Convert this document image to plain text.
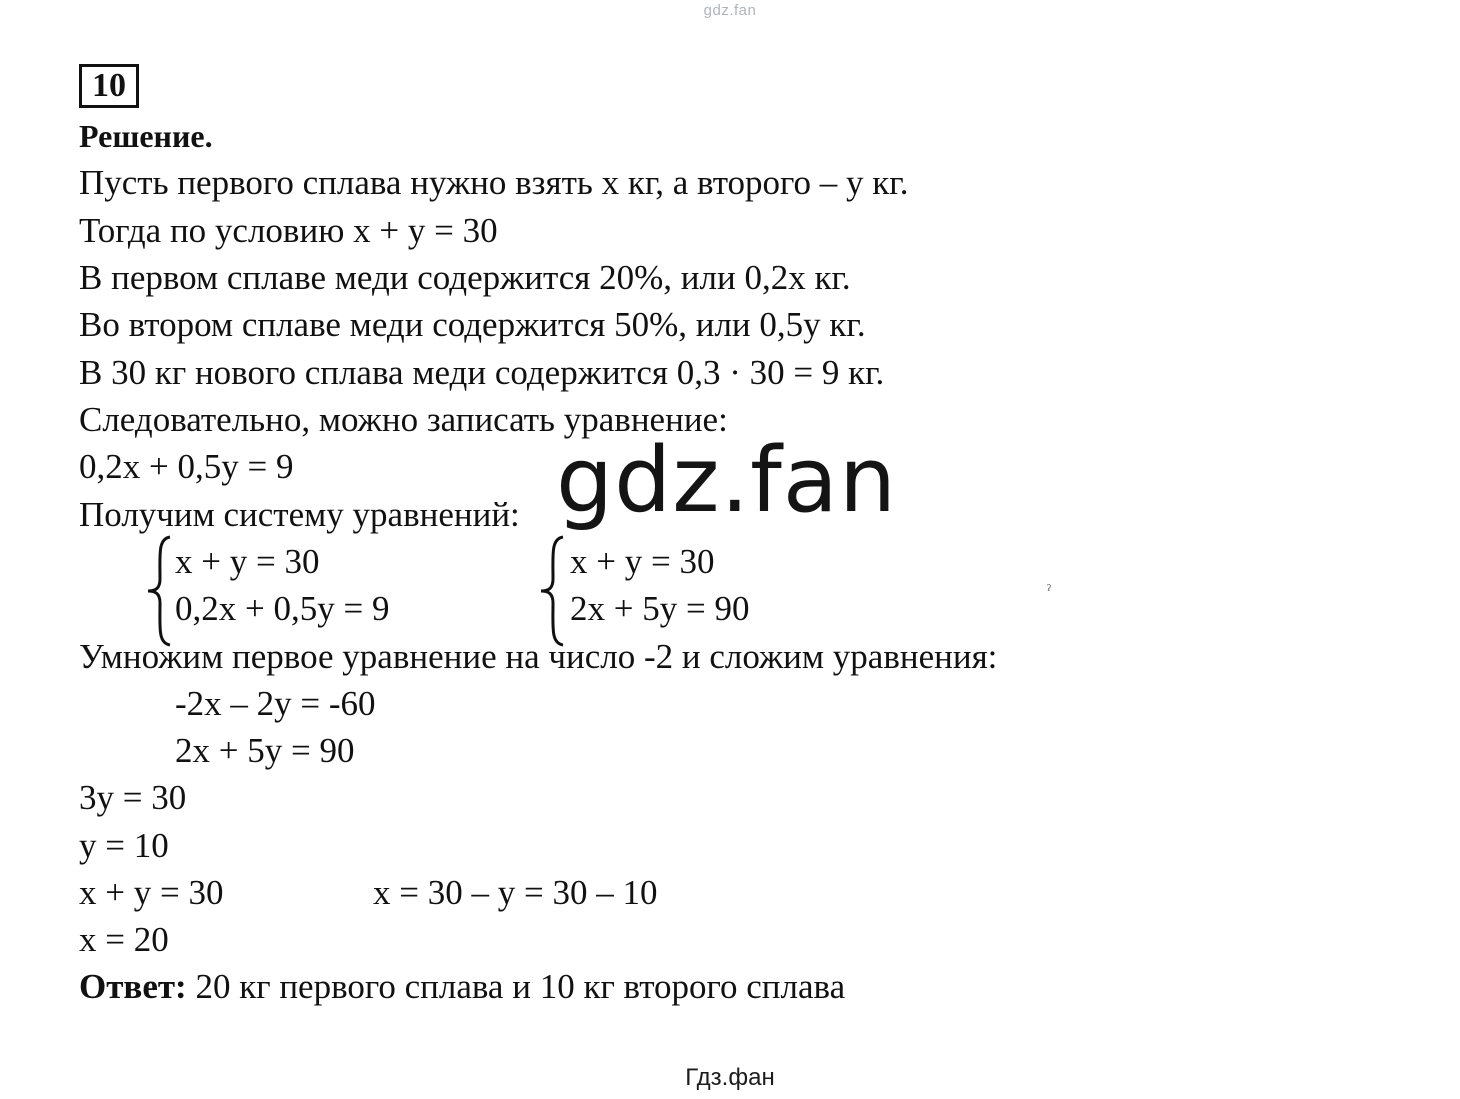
gdz.fan
10
Решение.
Пусть первого сплава нужно взять x кг, а второго – y кг.
Тогда по условию x + y = 30
В первом сплаве меди содержится 20%, или 0,2x кг.
Во втором сплаве меди содержится 50%, или 0,5y кг.
В 30 кг нового сплава меди содержится 0,3 · 30 = 9 кг.
Следовательно, можно записать уравнение:
0,2x + 0,5y = 9
Получим систему уравнений:
x + y = 30
0,2x + 0,5y = 9
x + y = 30
2x + 5y = 90
Умножим первое уравнение на число -2 и сложим уравнения:
-2x – 2y = -60
2x + 5y = 90
3y = 30
y = 10
x + y = 30	x = 30 – y = 30 – 10
x = 20
Ответ: 20 кг первого сплава и 10 кг второго сплава
ˀ
gdz.fan
Гдз.фан
